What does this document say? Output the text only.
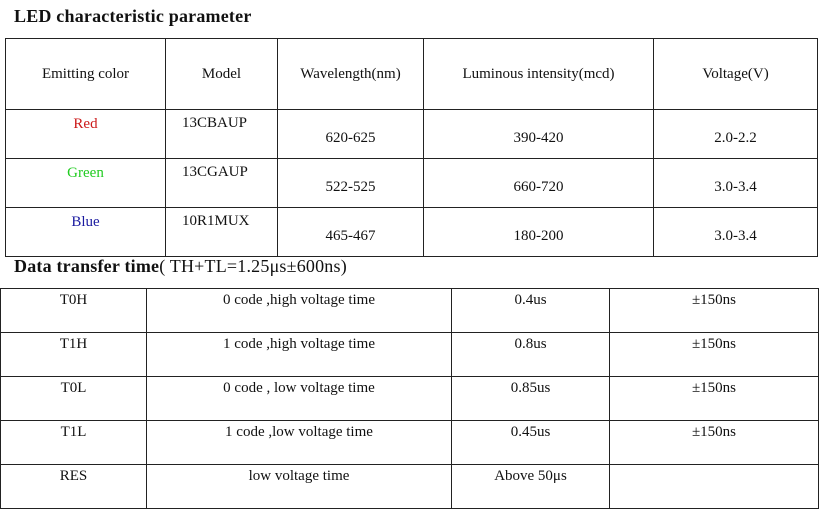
LED characteristic parameter
Emitting color	Model	Wavelength(nm)	Luminous intensity(mcd)	Voltage(V)
Red	13CBAUP	620-625	390-420	2.0-2.2
Green	13CGAUP	522-525	660-720	3.0-3.4
Blue	10R1MUX	465-467	180-200	3.0-3.4
Data transfer time( TH+TL=1.25μs±600ns)
T0H	0 code ,high voltage time	0.4us	±150ns
T1H	1 code ,high voltage time	0.8us	±150ns
T0L	0 code , low voltage time	0.85us	±150ns
T1L	1 code ,low voltage time	0.45us	±150ns
RES	low voltage time	Above 50μs	
